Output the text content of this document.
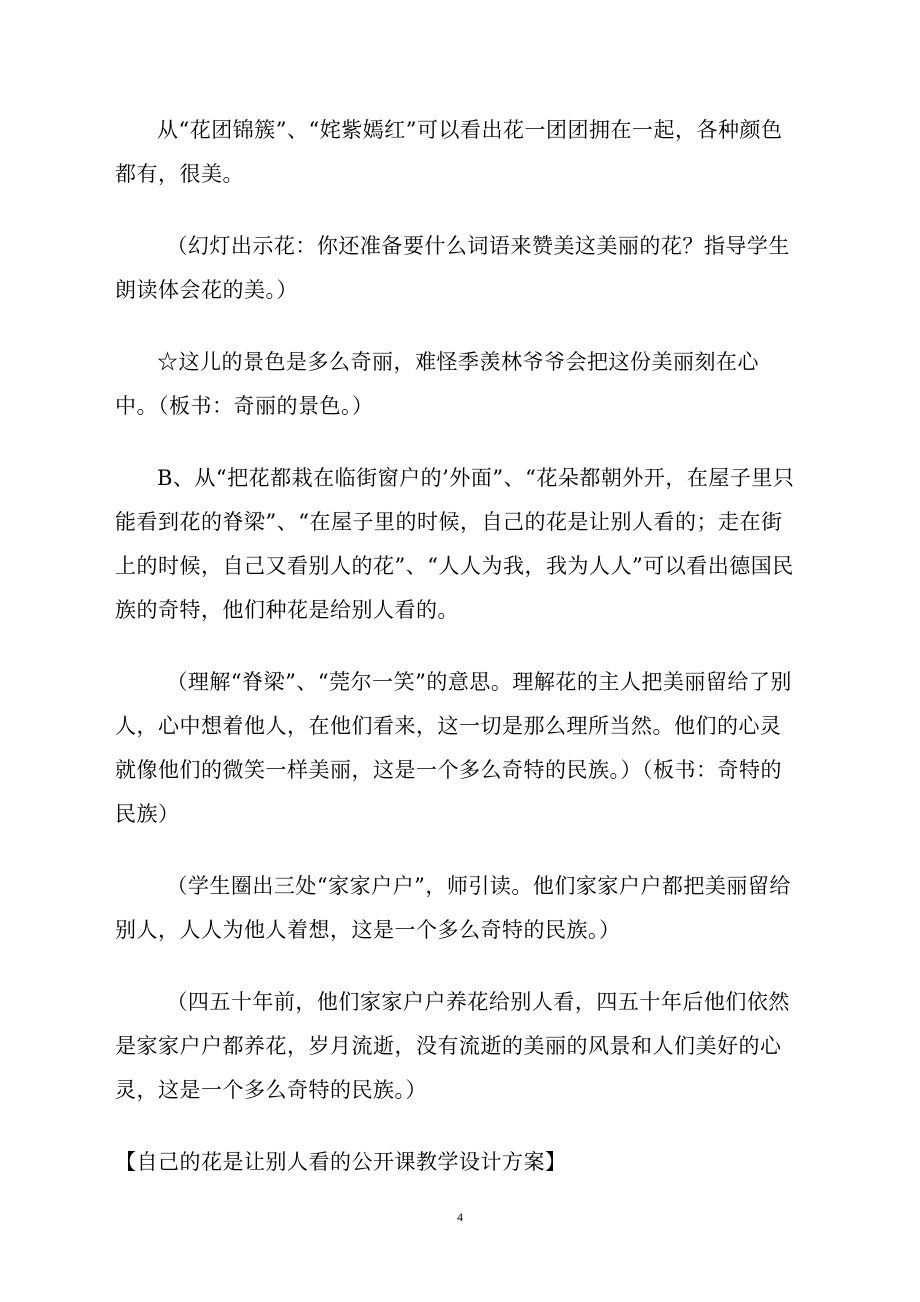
从“花团锦簇”、“姹紫嫣红”可以看出花一团团拥在一起，各种颜色都有，很美。

（幻灯出示花：你还准备要什么词语来赞美这美丽的花？指导学生朗读体会花的美。）

☆这儿的景色是多么奇丽，难怪季羡林爷爷会把这份美丽刻在心中。（板书：奇丽的景色。）

B、从“把花都栽在临街窗户的’外面”、“花朵都朝外开，在屋子里只能看到花的脊梁”、“在屋子里的时候，自己的花是让别人看的；走在街上的时候，自己又看别人的花”、“人人为我，我为人人”可以看出德国民族的奇特，他们种花是给别人看的。

（理解“脊梁”、“莞尔一笑”的意思。理解花的主人把美丽留给了别人，心中想着他人，在他们看来，这一切是那么理所当然。他们的心灵就像他们的微笑一样美丽，这是一个多么奇特的民族。）（板书：奇特的民族）

（学生圈出三处“家家户户”，师引读。他们家家户户都把美丽留给别人，人人为他人着想，这是一个多么奇特的民族。）

（四五十年前，他们家家户户养花给别人看，四五十年后他们依然是家家户户都养花，岁月流逝，没有流逝的美丽的风景和人们美好的心灵，这是一个多么奇特的民族。）

【自己的花是让别人看的公开课教学设计方案】

4
